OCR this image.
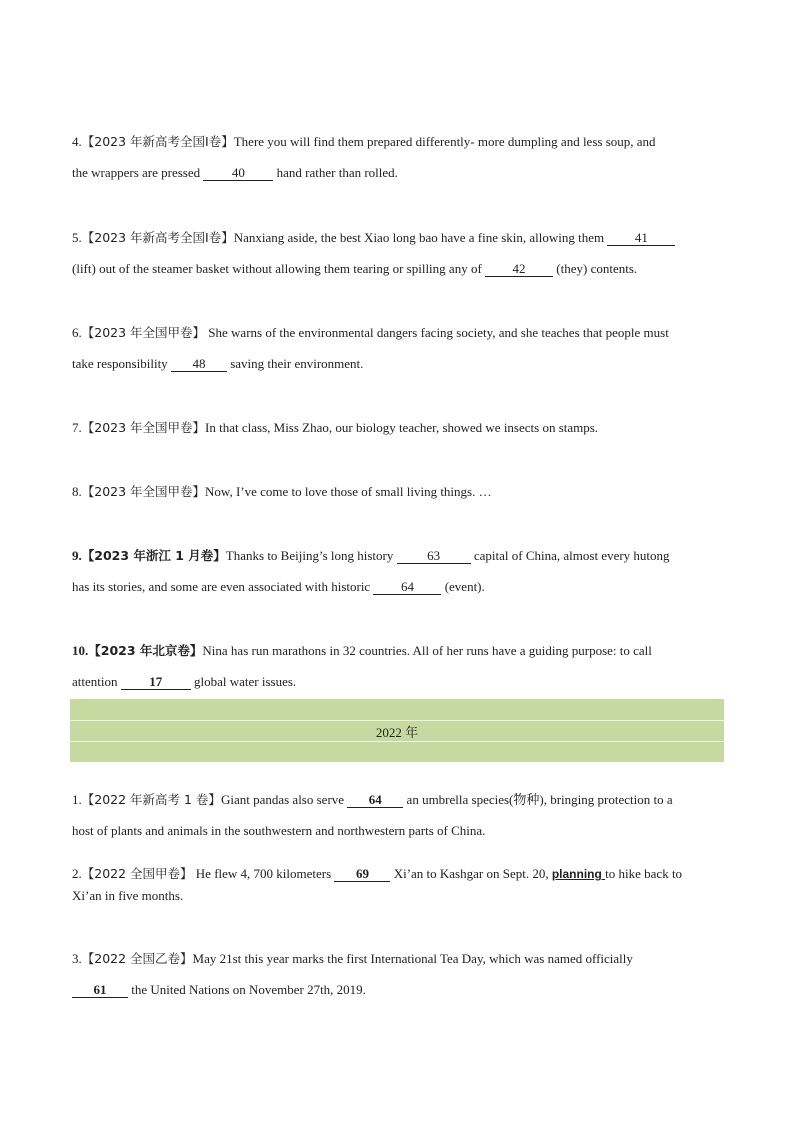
4.【2023 年新高考全国Ⅰ卷】There you will find them prepared differently- more dumpling and less soup, and
the wrappers are pressed 40 hand rather than rolled.
5.【2023 年新高考全国Ⅰ卷】Nanxiang aside, the best Xiao long bao have a fine skin, allowing them 41
(lift) out of the steamer basket without allowing them tearing or spilling any of 42 (they) contents.
6.【2023 年全国甲卷】 She warns of the environmental dangers facing society, and she teaches that people must
take responsibility 48 saving their environment.
7.【2023 年全国甲卷】In that class, Miss Zhao, our biology teacher, showed we insects on stamps.
8.【2023 年全国甲卷】Now, I’ve come to love those of small living things. …
9.【2023 年浙江 1 月卷】Thanks to Beijing’s long history 63 capital of China, almost every hutong
has its stories, and some are even associated with historic 64 (event).
10.【2023 年北京卷】Nina has run marathons in 32 countries. All of her runs have a guiding purpose: to call
attention 17 global water issues.
2022 年
1.【2022 年新高考 1 卷】Giant pandas also serve 64 an umbrella species(物种), bringing protection to a
host of plants and animals in the southwestern and northwestern parts of China.
2.【2022 全国甲卷】 He flew 4, 700 kilometers 69 Xi’an to Kashgar on Sept. 20, planning to hike back to
Xi’an in five months.
3.【2022 全国乙卷】May 21st this year marks the first International Tea Day, which was named officially
61 the United Nations on November 27th, 2019.
